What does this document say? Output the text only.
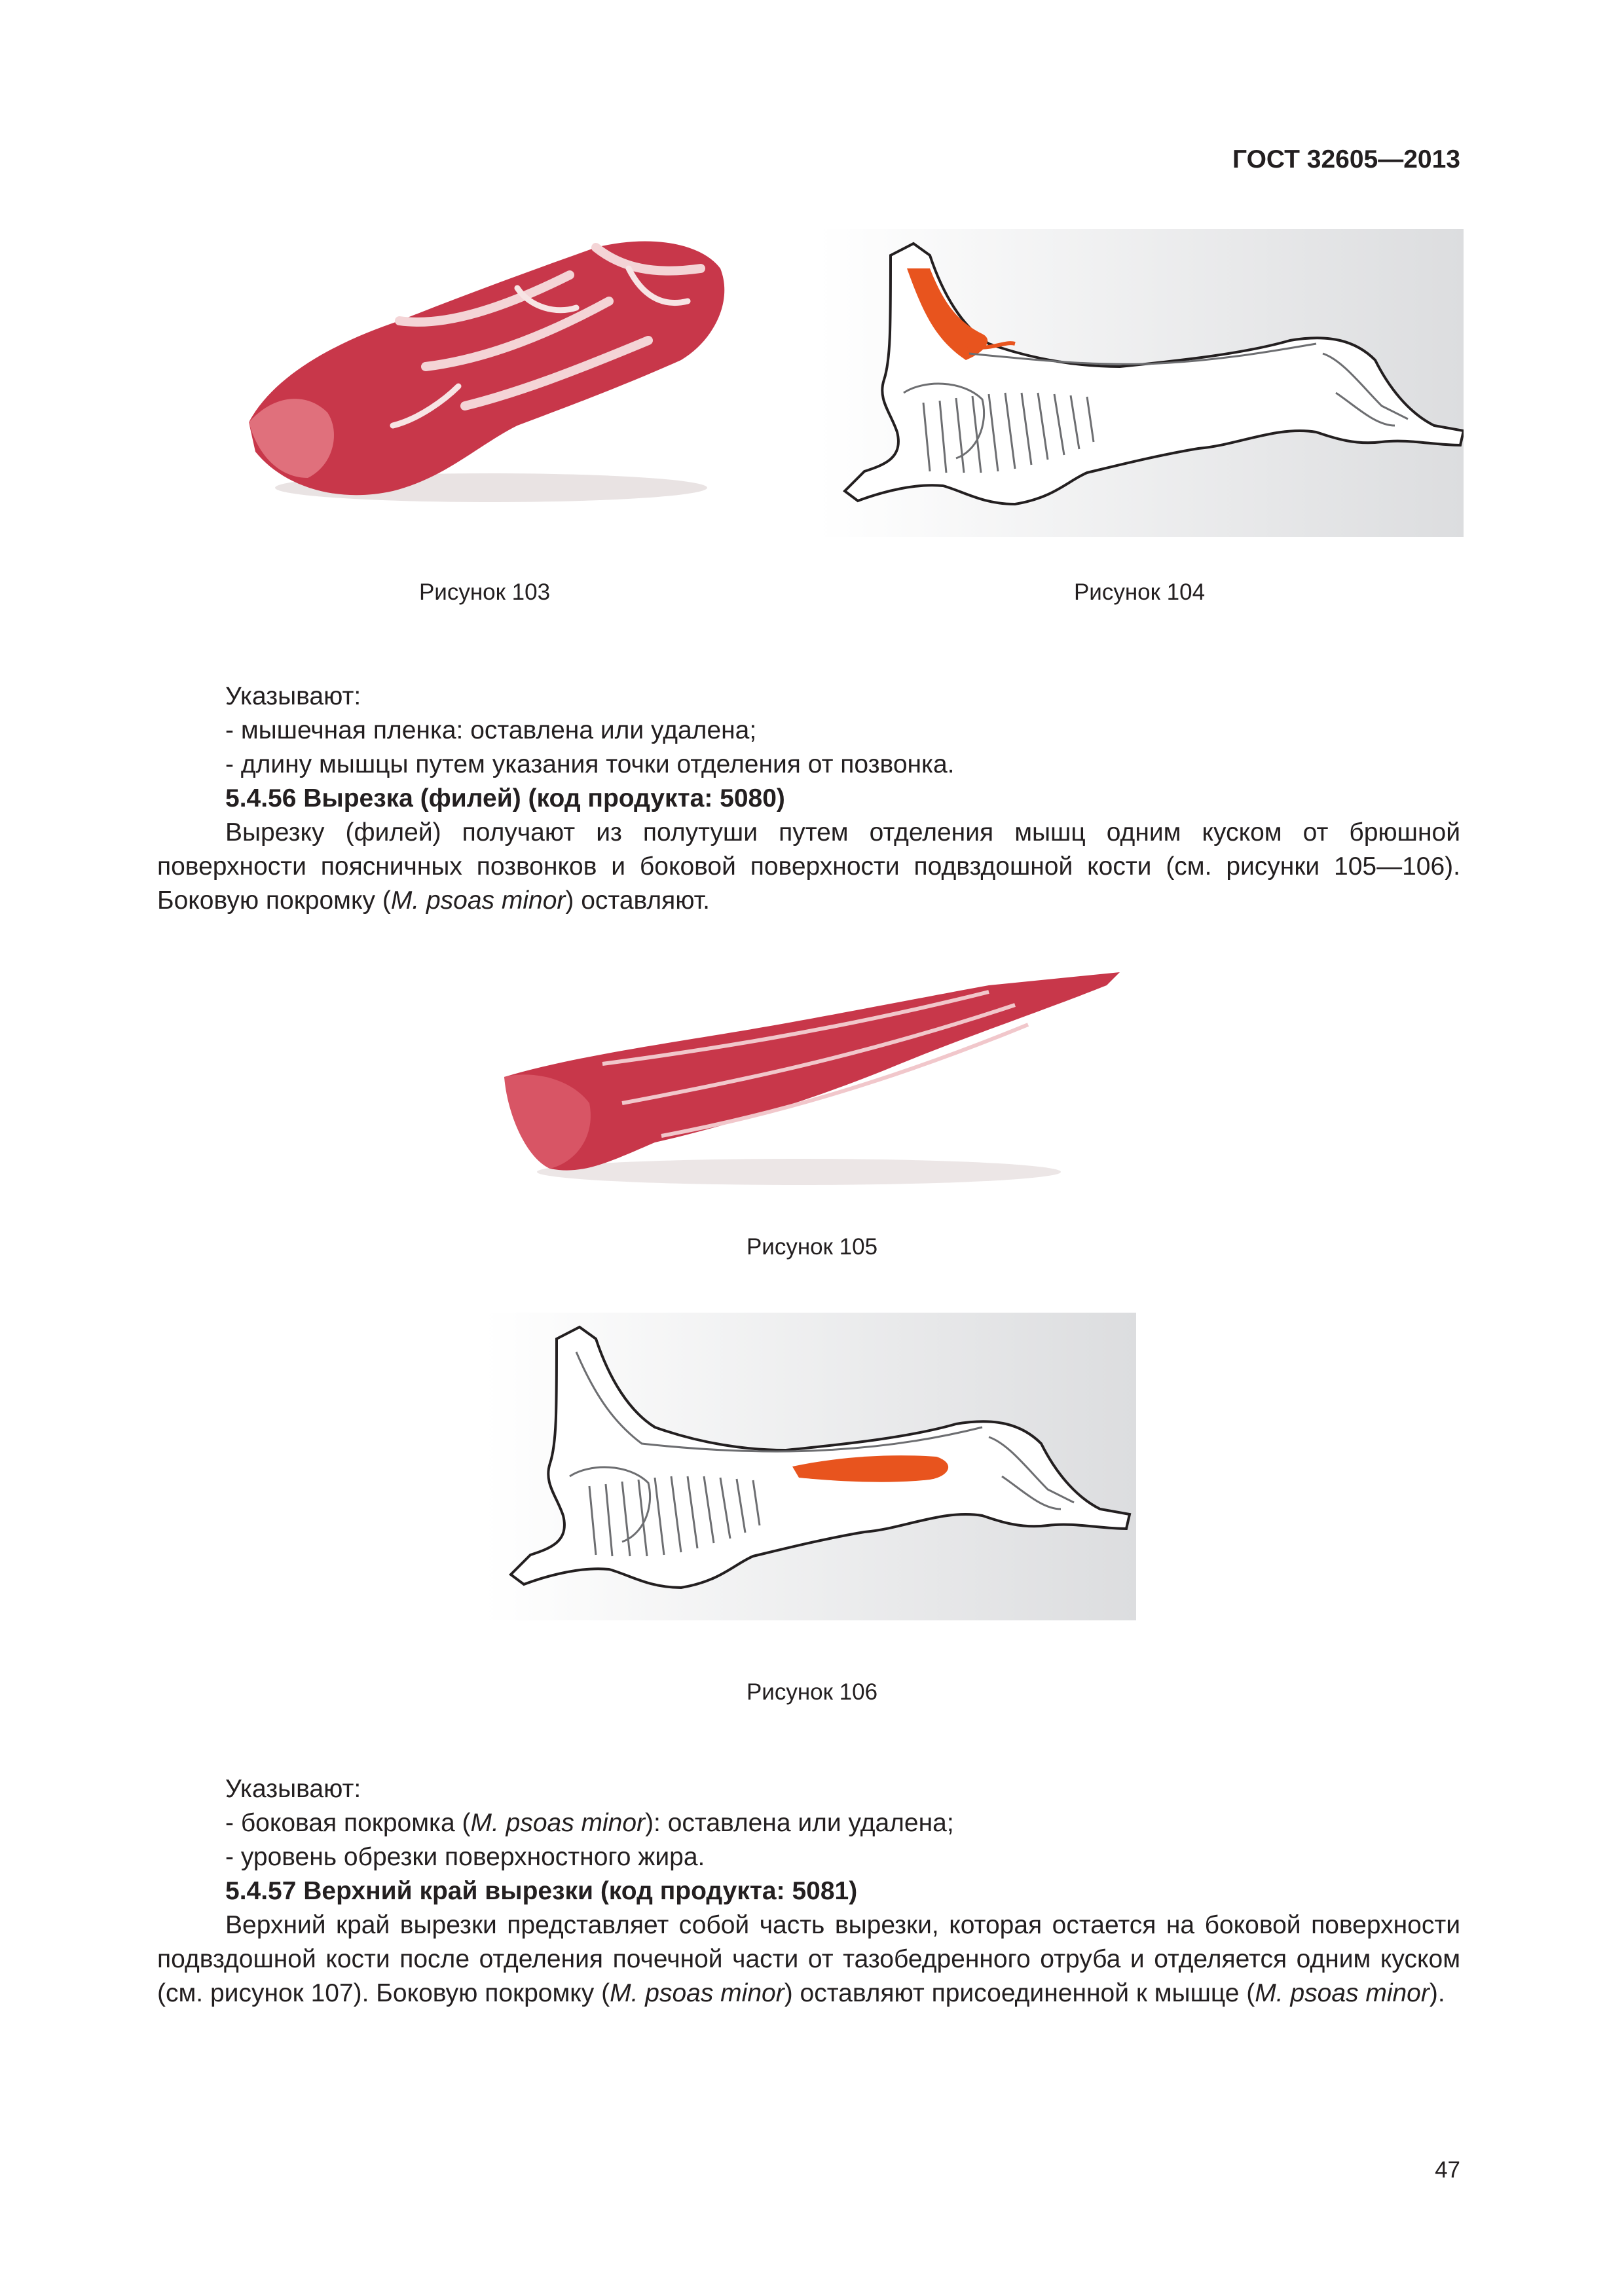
ГОСТ 32605—2013
Рисунок 103	Рисунок 104

Указывают:

- мышечная пленка: оставлена или удалена;

- длину мышцы путем указания точки отделения от позвонка.

5.4.56 Вырезка (филей) (код продукта: 5080)

Вырезку (филей) получают из полутуши путем отделения мышц одним куском от брюшной поверхности поясничных позвонков и боковой поверхности подвздошной кости (см. рисунки 105—106). Боковую покромку (M. psoas minor) оставляют.

Рисунок 105
Рисунок 106

Указывают:

- боковая покромка (M. psoas minor): оставлена или удалена;

- уровень обрезки поверхностного жира.

5.4.57 Верхний край вырезки (код продукта: 5081)

Верхний край вырезки представляет собой часть вырезки, которая остается на боковой поверхности подвздошной кости после отделения почечной части от тазобедренного отруба и отделяется одним куском (см. рисунок 107). Боковую покромку (M. psoas minor) оставляют присоединенной к мышце (M. psoas minor).

47
